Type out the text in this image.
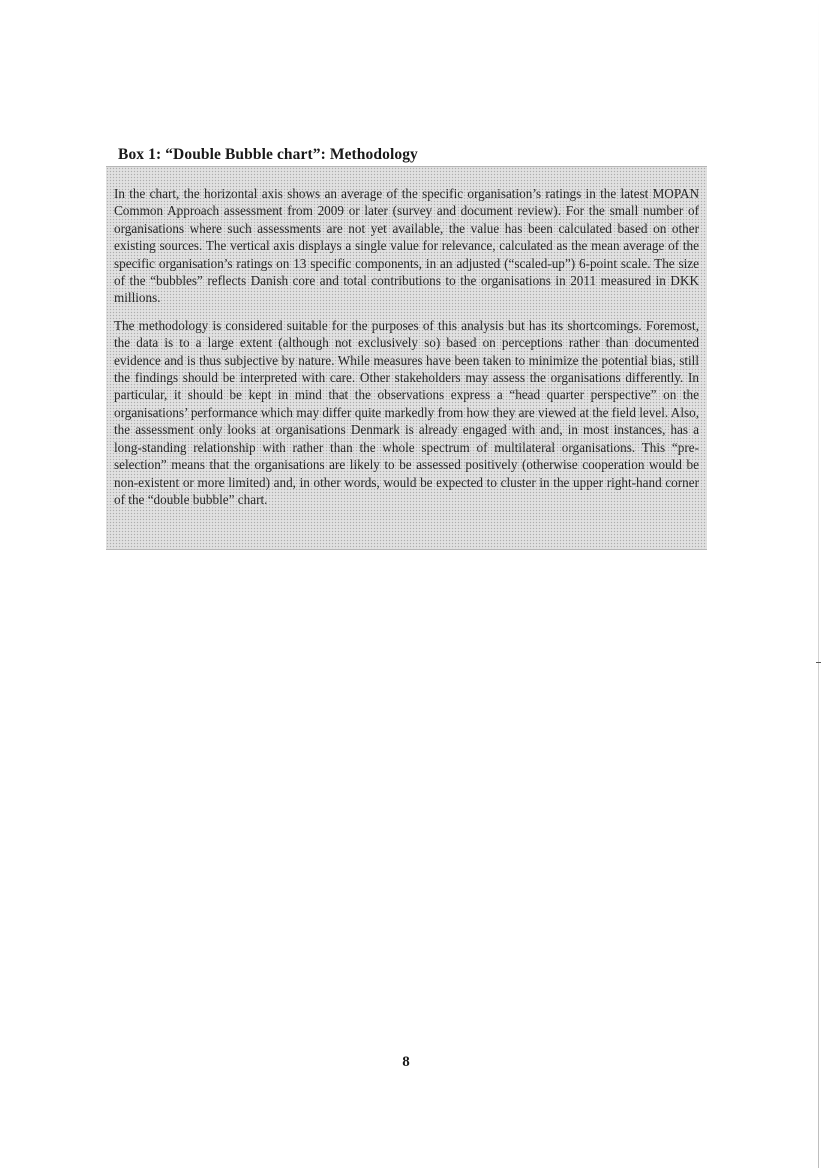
Box 1: “Double Bubble chart”: Methodology

In the chart, the horizontal axis shows an average of the specific organisation’s ratings in the latest MOPAN Common Approach assessment from 2009 or later (survey and document review). For the small number of organisations where such assessments are not yet available, the value has been calculated based on other existing sources. The vertical axis displays a single value for relevance, calculated as the mean average of the specific organisation’s ratings on 13 specific components, in an adjusted (“scaled-up”) 6-point scale. The size of the “bubbles” reflects Danish core and total contributions to the organisations in 2011 measured in DKK millions.

The methodology is considered suitable for the purposes of this analysis but has its shortcomings. Foremost, the data is to a large extent (although not exclusively so) based on perceptions rather than documented evidence and is thus subjective by nature. While measures have been taken to minimize the potential bias, still the findings should be interpreted with care. Other stakeholders may assess the organisations differently. In particular, it should be kept in mind that the observations express a “head quarter perspective” on the organisations’ performance which may differ quite markedly from how they are viewed at the field level. Also, the assessment only looks at organisations Denmark is already engaged with and, in most instances, has a long-standing relationship with rather than the whole spectrum of multilateral organisations. This “pre-selection” means that the organisations are likely to be assessed positively (otherwise cooperation would be non-existent or more limited) and, in other words, would be expected to cluster in the upper right-hand corner of the “double bubble” chart.

8
